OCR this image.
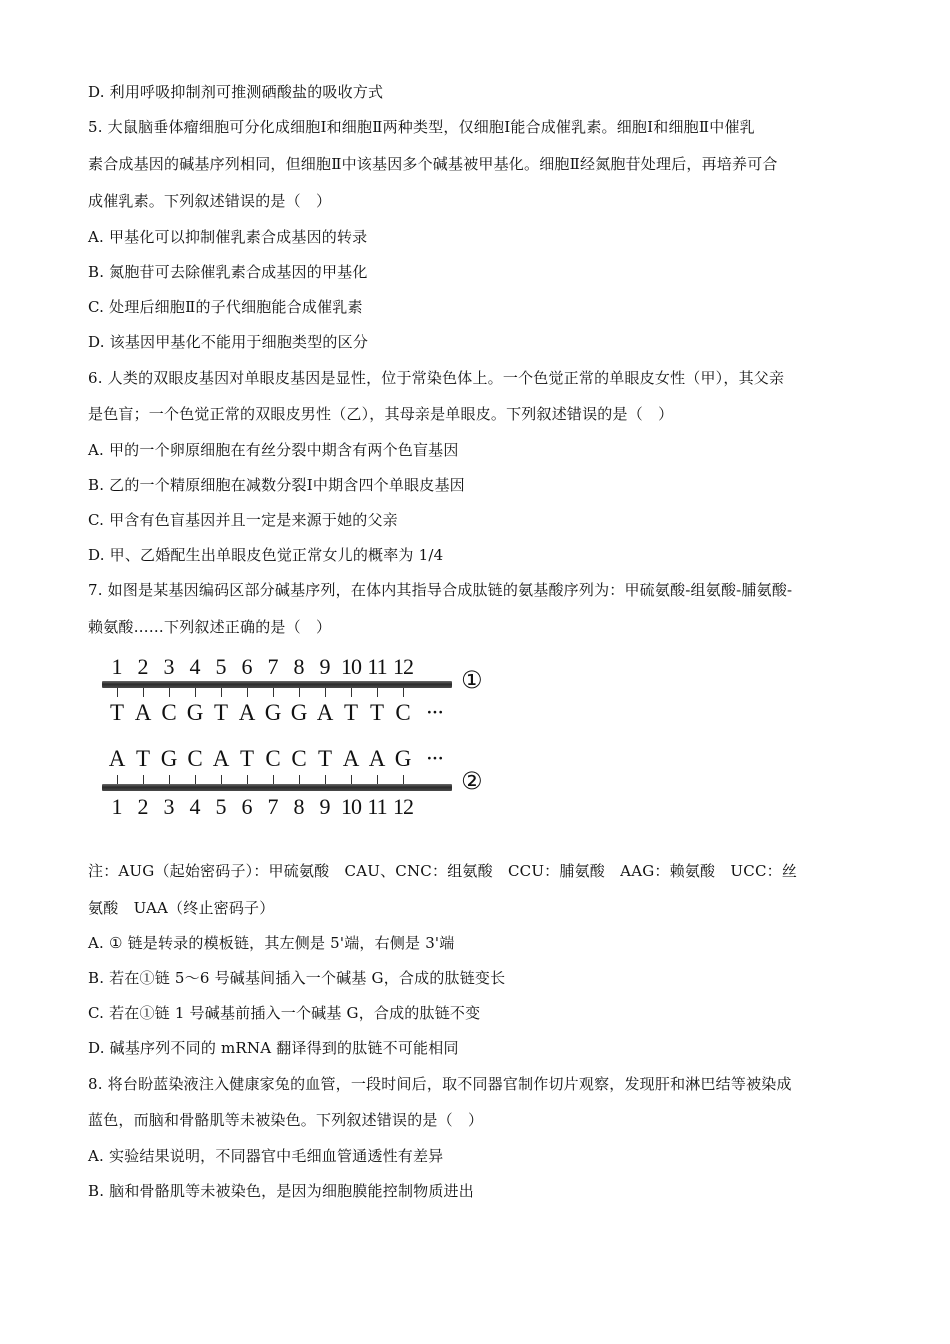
D. 利用呼吸抑制剂可推测硒酸盐的吸收方式
5. 大鼠脑垂体瘤细胞可分化成细胞Ⅰ和细胞Ⅱ两种类型，仅细胞Ⅰ能合成催乳素。细胞Ⅰ和细胞Ⅱ中催乳
素合成基因的碱基序列相同，但细胞Ⅱ中该基因多个碱基被甲基化。细胞Ⅱ经氮胞苷处理后，再培养可合
成催乳素。下列叙述错误的是（　）
A. 甲基化可以抑制催乳素合成基因的转录
B. 氮胞苷可去除催乳素合成基因的甲基化
C. 处理后细胞Ⅱ的子代细胞能合成催乳素
D. 该基因甲基化不能用于细胞类型的区分
6. 人类的双眼皮基因对单眼皮基因是显性，位于常染色体上。一个色觉正常的单眼皮女性（甲），其父亲
是色盲；一个色觉正常的双眼皮男性（乙），其母亲是单眼皮。下列叙述错误的是（　）
A. 甲的一个卵原细胞在有丝分裂中期含有两个色盲基因
B. 乙的一个精原细胞在减数分裂Ⅰ中期含四个单眼皮基因
C. 甲含有色盲基因并且一定是来源于她的父亲
D. 甲、乙婚配生出单眼皮色觉正常女儿的概率为 1/4
7. 如图是某基因编码区部分碱基序列，在体内其指导合成肽链的氨基酸序列为：甲硫氨酸-组氨酸-脯氨酸-
赖氨酸……下列叙述正确的是（　）
注：AUG（起始密码子）：甲硫氨酸　CAU、CNC：组氨酸　CCU：脯氨酸　AAG：赖氨酸　UCC：丝
氨酸　UAA（终止密码子）
A. ① 链是转录的模板链，其左侧是 5'端，右侧是 3'端
B. 若在①链 5～6 号碱基间插入一个碱基 G，合成的肽链变长
C. 若在①链 1 号碱基前插入一个碱基 G，合成的肽链不变
D. 碱基序列不同的 mRNA 翻译得到的肽链不可能相同
8. 将台盼蓝染液注入健康家兔的血管，一段时间后，取不同器官制作切片观察，发现肝和淋巴结等被染成
蓝色，而脑和骨骼肌等未被染色。下列叙述错误的是（　）
A. 实验结果说明，不同器官中毛细血管通透性有差异
B. 脑和骨骼肌等未被染色，是因为细胞膜能控制物质进出
1 2 3 4 5 6 7 8 9 10 11 12 ①
T A C G T A G G A T T C ···
A T G C A T C C T A A G ···
②
1 2 3 4 5 6 7 8 9 10 11 12
